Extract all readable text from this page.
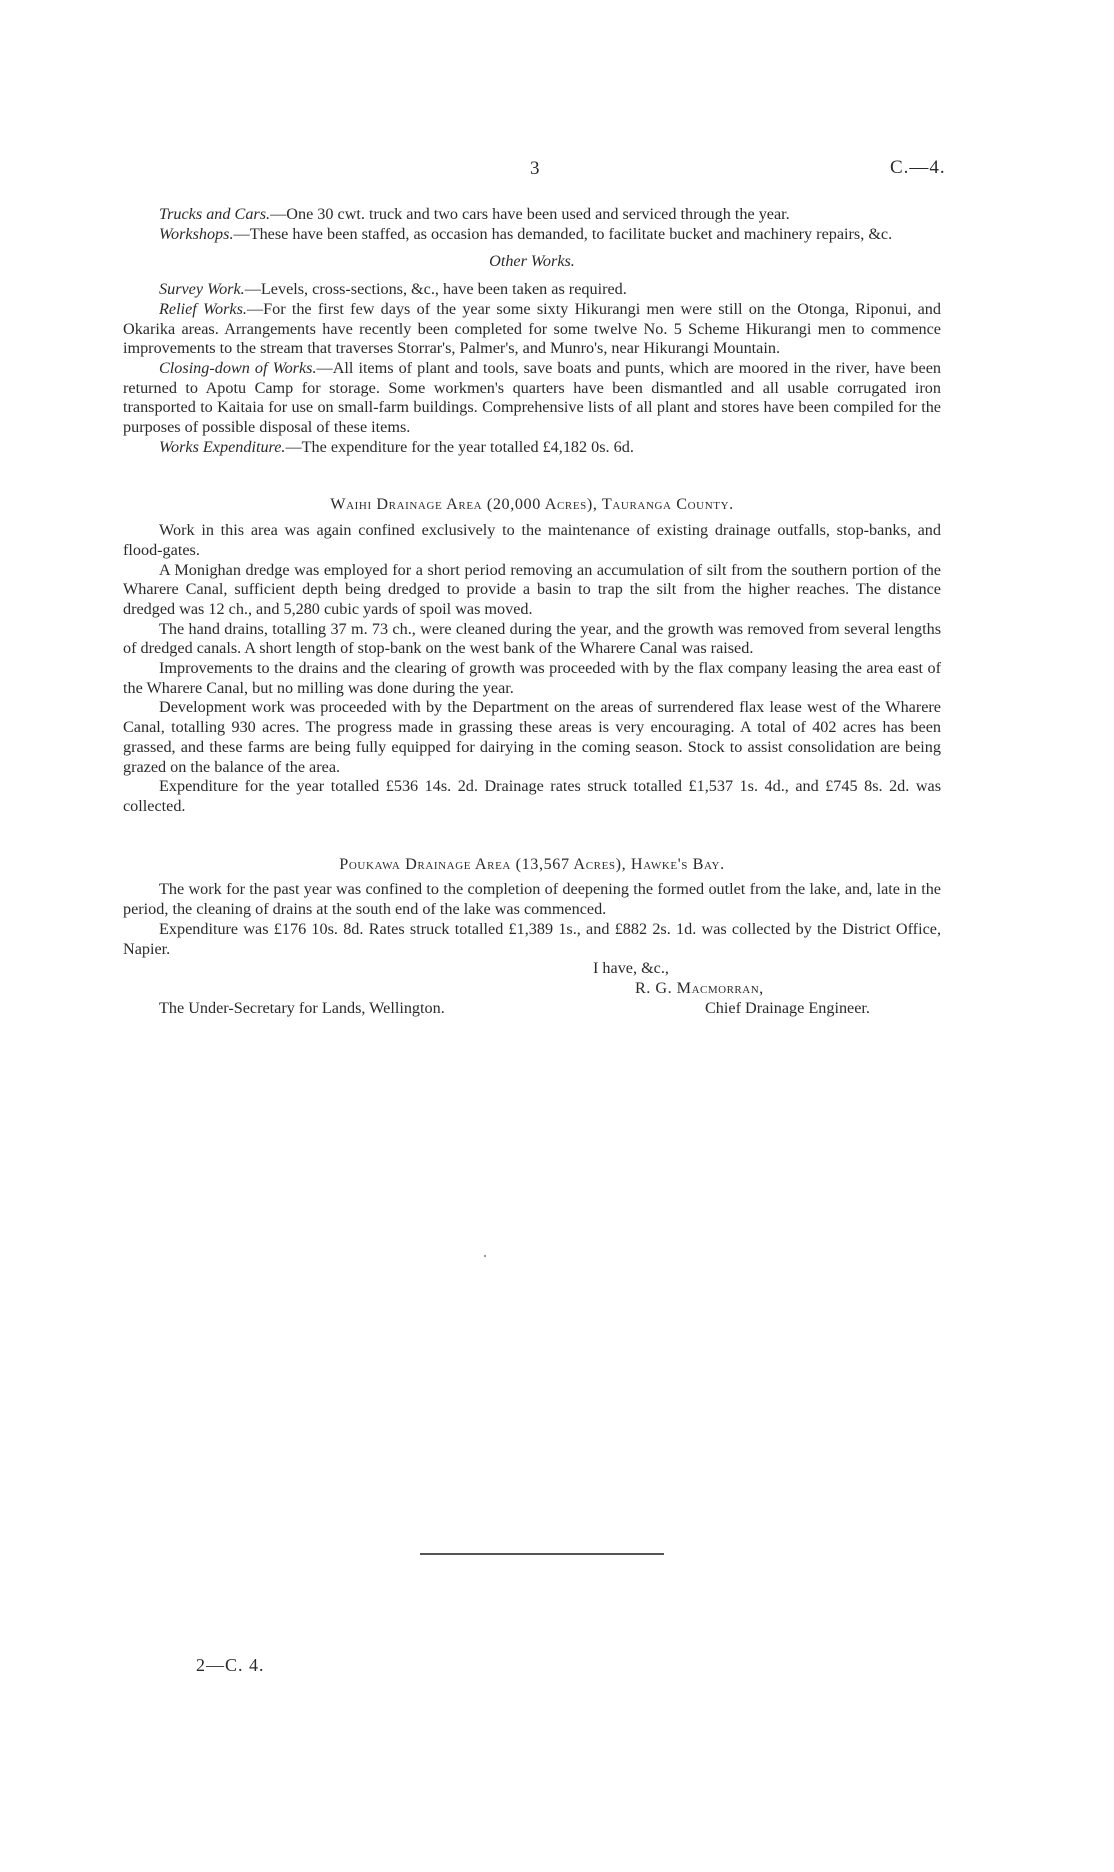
3	C.—4.

Trucks and Cars.—One 30 cwt. truck and two cars have been used and serviced through the year.

Workshops.—These have been staffed, as occasion has demanded, to facilitate bucket and machinery repairs, &c.

Other Works.

Survey Work.—Levels, cross-sections, &c., have been taken as required.

Relief Works.—For the first few days of the year some sixty Hikurangi men were still on the Otonga, Riponui, and Okarika areas. Arrangements have recently been completed for some twelve No. 5 Scheme Hikurangi men to commence improvements to the stream that traverses Storrar's, Palmer's, and Munro's, near Hikurangi Mountain.

Closing-down of Works.—All items of plant and tools, save boats and punts, which are moored in the river, have been returned to Apotu Camp for storage. Some workmen's quarters have been dismantled and all usable corrugated iron transported to Kaitaia for use on small-farm buildings. Comprehensive lists of all plant and stores have been compiled for the purposes of possible disposal of these items.

Works Expenditure.—The expenditure for the year totalled £4,182 0s. 6d.

Waihi Drainage Area (20,000 Acres), Tauranga County.

Work in this area was again confined exclusively to the maintenance of existing drainage outfalls, stop-banks, and flood-gates.

A Monighan dredge was employed for a short period removing an accumulation of silt from the southern portion of the Wharere Canal, sufficient depth being dredged to provide a basin to trap the silt from the higher reaches. The distance dredged was 12 ch., and 5,280 cubic yards of spoil was moved.

The hand drains, totalling 37 m. 73 ch., were cleaned during the year, and the growth was removed from several lengths of dredged canals. A short length of stop-bank on the west bank of the Wharere Canal was raised.

Improvements to the drains and the clearing of growth was proceeded with by the flax company leasing the area east of the Wharere Canal, but no milling was done during the year.

Development work was proceeded with by the Department on the areas of surrendered flax lease west of the Wharere Canal, totalling 930 acres. The progress made in grassing these areas is very encouraging. A total of 402 acres has been grassed, and these farms are being fully equipped for dairying in the coming season. Stock to assist consolidation are being grazed on the balance of the area.

Expenditure for the year totalled £536 14s. 2d. Drainage rates struck totalled £1,537 1s. 4d., and £745 8s. 2d. was collected.

Poukawa Drainage Area (13,567 Acres), Hawke's Bay.

The work for the past year was confined to the completion of deepening the formed outlet from the lake, and, late in the period, the cleaning of drains at the south end of the lake was commenced.

Expenditure was £176 10s. 8d. Rates struck totalled £1,389 1s., and £882 2s. 1d. was collected by the District Office, Napier.

I have, &c.,
R. G. Macmorran,
Chief Drainage Engineer.
The Under-Secretary for Lands, Wellington.
2—C. 4.
